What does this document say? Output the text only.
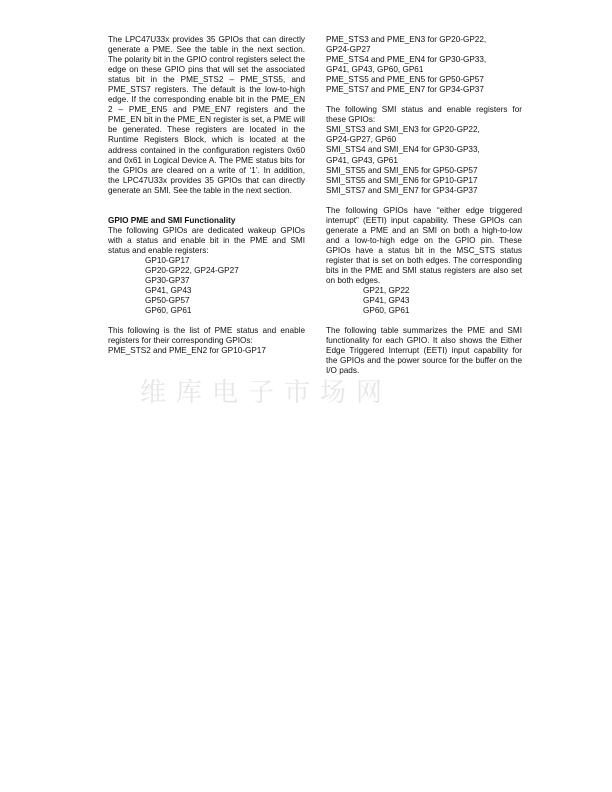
The LPC47U33x provides 35 GPIOs that can directly generate a PME. See the table in the next section. The polarity bit in the GPIO control registers select the edge on these GPIO pins that will set the associated status bit in the PME_STS2 – PME_STS5, and PME_STS7 registers. The default is the low-to-high edge. If the corresponding enable bit in the PME_EN 2 – PME_EN5 and PME_EN7 registers and the PME_EN bit in the PME_EN register is set, a PME will be generated. These registers are located in the Runtime Registers Block, which is located at the address contained in the configuration registers 0x60 and 0x61 in Logical Device A. The PME status bits for the GPIOs are cleared on a write of ‘1’. In addition, the LPC47U33x provides 35 GPIOs that can directly generate an SMI. See the table in the next section.

GPIO PME and SMI Functionality

The following GPIOs are dedicated wakeup GPIOs with a status and enable bit in the PME and SMI status and enable registers:

GP10-GP17

GP20-GP22, GP24-GP27

GP30-GP37

GP41, GP43

GP50-GP57

GP60, GP61

This following is the list of PME status and enable registers for their corresponding GPIOs:

PME_STS2 and PME_EN2 for GP10-GP17

PME_STS3 and PME_EN3 for GP20-GP22,

GP24-GP27

PME_STS4 and PME_EN4 for GP30-GP33,

GP41, GP43, GP60, GP61

PME_STS5 and PME_EN5 for GP50-GP57

PME_STS7 and PME_EN7 for GP34-GP37

The following SMI status and enable registers for these GPIOs:

SMI_STS3 and SMI_EN3 for GP20-GP22,

GP24-GP27, GP60

SMI_STS4 and SMI_EN4 for GP30-GP33,

GP41, GP43, GP61

SMI_STS5 and SMI_EN5 for GP50-GP57

SMI_STS5 and SMI_EN6 for GP10-GP17

SMI_STS7 and SMI_EN7 for GP34-GP37

The following GPIOs have “either edge triggered interrupt” (EETI) input capability. These GPIOs can generate a PME and an SMI on both a high-to-low and a low-to-high edge on the GPIO pin. These GPIOs have a status bit in the MSC_STS status register that is set on both edges. The corresponding bits in the PME and SMI status registers are also set on both edges.

GP21, GP22

GP41, GP43

GP60, GP61

The following table summarizes the PME and SMI functionality for each GPIO. It also shows the Either Edge Triggered Interrupt (EETI) input capability for the GPIOs and the power source for the buffer on the I/O pads.

维库电子市场网
